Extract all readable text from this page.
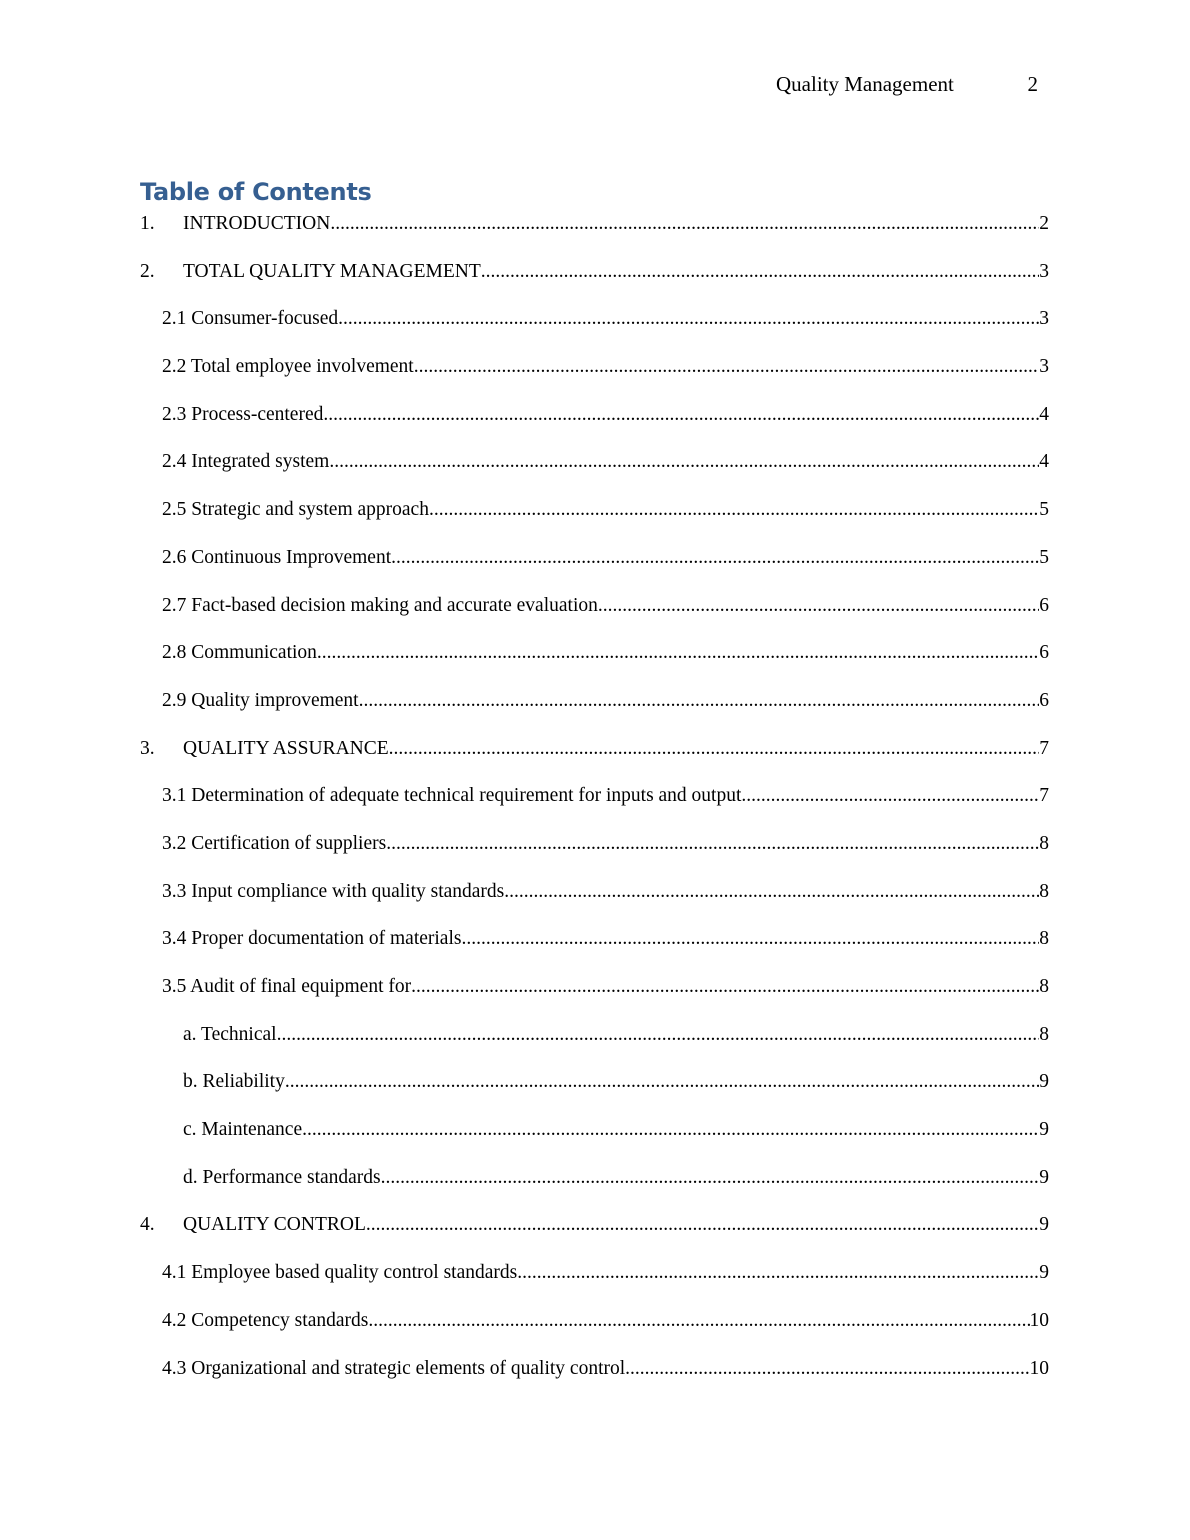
Quality Management	2
Table of Contents
1.	INTRODUCTION .....	2
2.	TOTAL QUALITY MANAGEMENT .....	3
2.1 Consumer-focused .....	3
2.2 Total employee involvement .....	3
2.3 Process-centered .....	4
2.4 Integrated system .....	4
2.5 Strategic and system approach .....	5
2.6 Continuous Improvement .....	5
2.7 Fact-based decision making and accurate evaluation .....	6
2.8 Communication .....	6
2.9 Quality improvement .....	6
3.	QUALITY ASSURANCE .....	7
3.1 Determination of adequate technical requirement for inputs and output .....	7
3.2 Certification of suppliers .....	8
3.3 Input compliance with quality standards .....	8
3.4 Proper documentation of materials .....	8
3.5 Audit of final equipment for .....	8
a. Technical .....	8
b. Reliability .....	9
c. Maintenance .....	9
d. Performance standards .....	9
4.	QUALITY CONTROL .....	9
4.1 Employee based quality control standards .....	9
4.2 Competency standards .....	10
4.3 Organizational and strategic elements of quality control .....	10
